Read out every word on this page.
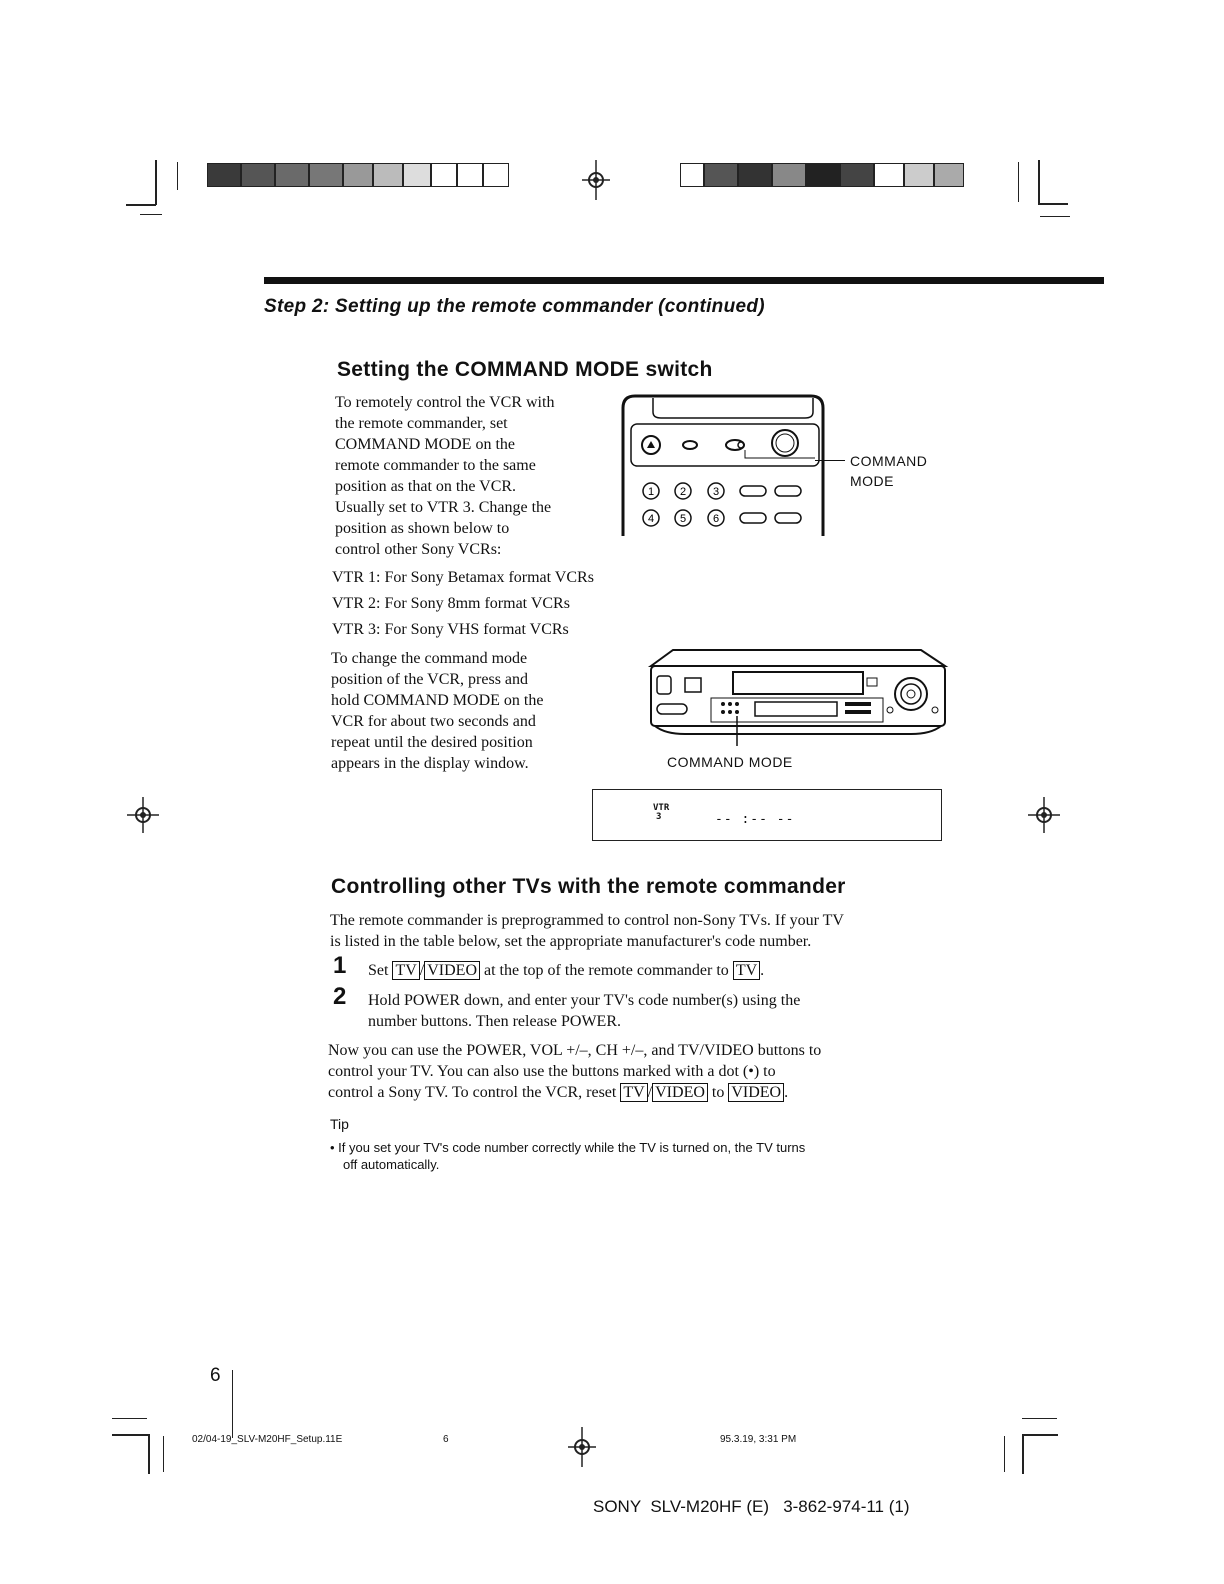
Step 2: Setting up the remote commander (continued)
Setting the COMMAND MODE switch
To remotely control the VCR with
the remote commander, set
COMMAND MODE on the
remote commander to the same
position as that on the VCR.
Usually set to VTR 3. Change the
position as shown below to
control other Sony VCRs:
1 2 3
4 5 6
COMMAND
MODE
VTR 1: For Sony Betamax format VCRs
VTR 2: For Sony 8mm format VCRs
VTR 3: For Sony VHS format VCRs
To change the command mode
position of the VCR, press and
hold COMMAND MODE on the
VCR for about two seconds and
repeat until the desired position
appears in the display window.	COMMAND MODE
VTR
3	-- :-- --
Controlling other TVs with the remote commander
The remote commander is preprogrammed to control non-Sony TVs. If your TV
is listed in the table below, set the appropriate manufacturer's code number.
1 Set TV / VIDEO at the top of the remote commander to TV .
2 Hold POWER down, and enter your TV's code number(s) using the
number buttons. Then release POWER.
Now you can use the POWER, VOL +/–, CH +/–, and TV/VIDEO buttons to
control your TV. You can also use the buttons marked with a dot (•) to
control a Sony TV. To control the VCR, reset TV / VIDEO to VIDEO .
Tip
• If you set your TV's code number correctly while the TV is turned on, the TV turns
off automatically.
6
02/04-19_SLV-M20HF_Setup.11E	6	95.3.19, 3:31 PM
SONY  SLV-M20HF (E)   3-862-974-11 (1)
